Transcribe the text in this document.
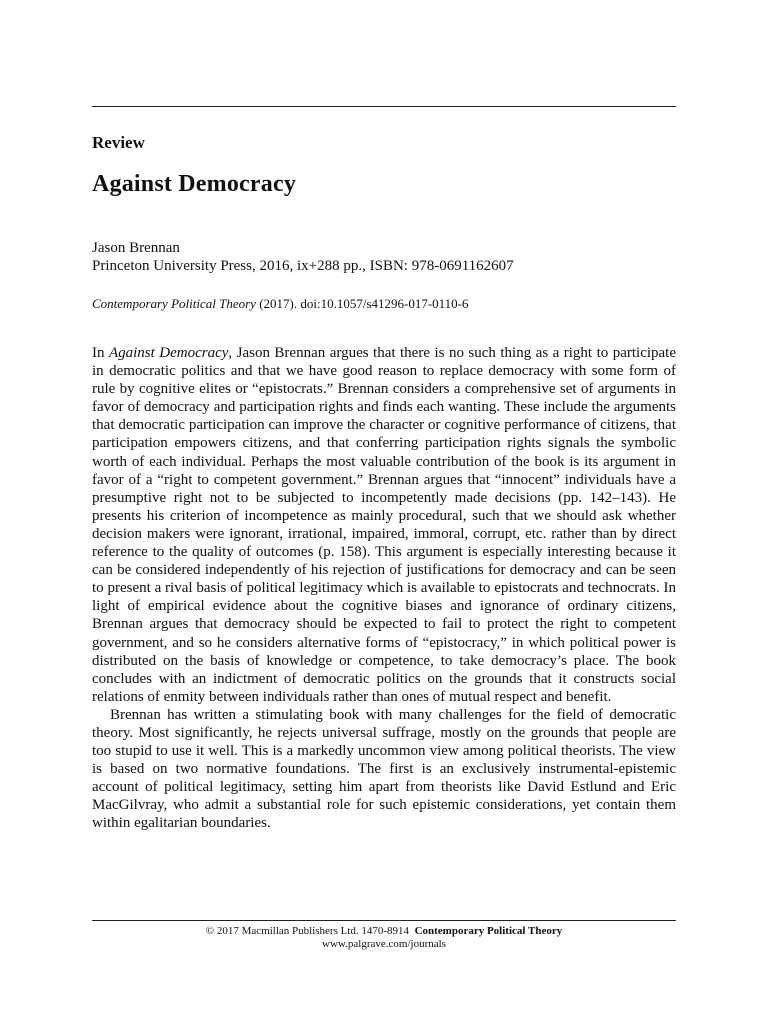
Review
Against Democracy
Jason Brennan
Princeton University Press, 2016, ix+288 pp., ISBN: 978-0691162607
Contemporary Political Theory (2017). doi:10.1057/s41296-017-0110-6

In Against Democracy, Jason Brennan argues that there is no such thing as a right to participate in democratic politics and that we have good reason to replace democracy with some form of rule by cognitive elites or “epistocrats.” Brennan considers a comprehensive set of arguments in favor of democracy and participation rights and finds each wanting. These include the arguments that democratic participation can improve the character or cognitive performance of citizens, that participation empowers citizens, and that conferring participation rights signals the symbolic worth of each individual. Perhaps the most valuable contribution of the book is its argument in favor of a “right to competent government.” Brennan argues that “innocent” individuals have a presumptive right not to be subjected to incompetently made decisions (pp. 142–143). He presents his criterion of incompetence as mainly procedural, such that we should ask whether decision makers were ignorant, irrational, impaired, immoral, corrupt, etc. rather than by direct reference to the quality of outcomes (p. 158). This argument is especially interesting because it can be considered independently of his rejection of justifications for democracy and can be seen to present a rival basis of political legitimacy which is available to epistocrats and technocrats. In light of empirical evidence about the cognitive biases and ignorance of ordinary citizens, Brennan argues that democracy should be expected to fail to protect the right to competent government, and so he considers alternative forms of “epistocracy,” in which political power is distributed on the basis of knowledge or competence, to take democracy’s place. The book concludes with an indictment of democratic politics on the grounds that it constructs social relations of enmity between individuals rather than ones of mutual respect and benefit.

Brennan has written a stimulating book with many challenges for the field of democratic theory. Most significantly, he rejects universal suffrage, mostly on the grounds that people are too stupid to use it well. This is a markedly uncommon view among political theorists. The view is based on two normative foundations. The first is an exclusively instrumental-epistemic account of political legitimacy, setting him apart from theorists like David Estlund and Eric MacGilvray, who admit a substantial role for such epistemic considerations, yet contain them within egalitarian boundaries.

© 2017 Macmillan Publishers Ltd. 1470-8914 Contemporary Political Theory
www.palgrave.com/journals
